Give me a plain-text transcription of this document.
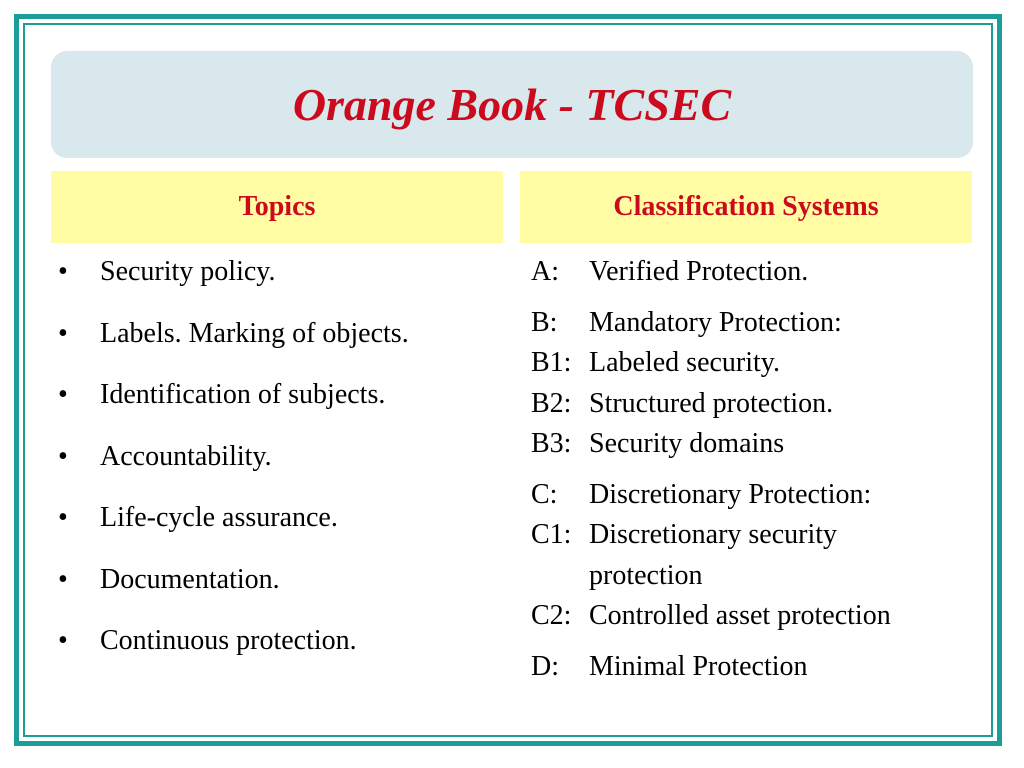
Orange Book - TCSEC
Topics	Classification Systems
• Security policy.
• Labels. Marking of objects.
• Identification of subjects.
• Accountability.
• Life-cycle assurance.
• Documentation.
• Continuous protection.
A:	Verified Protection.
B:	Mandatory Protection:
B1: Labeled security.
B2: Structured protection.
B3: Security domains
C:	Discretionary Protection:
C1: Discretionary security
protection
C2: Controlled asset protection
D:	Minimal Protection
